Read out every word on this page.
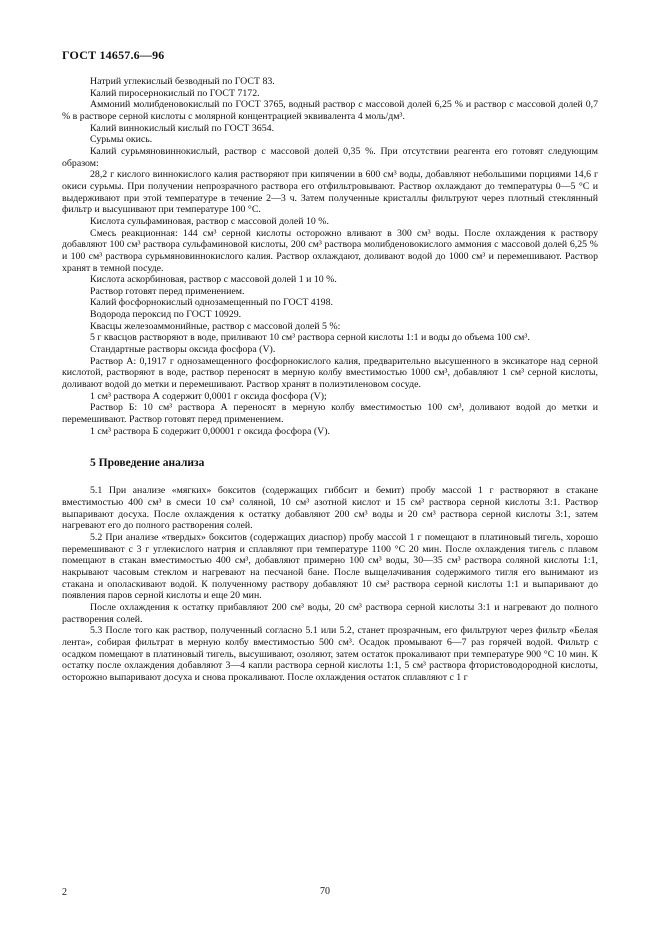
ГОСТ 14657.6—96

Натрий углекислый безводный по ГОСТ 83.

Калий пиросернокислый по ГОСТ 7172.

Аммоний молибденовокислый по ГОСТ 3765, водный раствор с массовой долей 6,25 % и раствор с массовой долей 0,7 % в растворе серной кислоты с молярной концентрацией эквивалента 4 моль/дм³.

Калий виннокислый кислый по ГОСТ 3654.

Сурьмы окись.

Калий сурьмяновиннокислый, раствор с массовой долей 0,35 %. При отсутствии реагента его готовят следующим образом:

28,2 г кислого виннокислого калия растворяют при кипячении в 600 см³ воды, добавляют небольшими порциями 14,6 г окиси сурьмы. При получении непрозрачного раствора его отфильтровывают. Раствор охлаждают до температуры 0—5 °С и выдерживают при этой температуре в течение 2—3 ч. Затем полученные кристаллы фильтруют через плотный стеклянный фильтр и высушивают при температуре 100 °С.

Кислота сульфаминовая, раствор с массовой долей 10 %.

Смесь реакционная: 144 см³ серной кислоты осторожно вливают в 300 см³ воды. После охлаждения к раствору добавляют 100 см³ раствора сульфаминовой кислоты, 200 см³ раствора молибденовокислого аммония с массовой долей 6,25 % и 100 см³ раствора сурьмяновиннокислого калия. Раствор охлаждают, доливают водой до 1000 см³ и перемешивают. Раствор хранят в темной посуде.

Кислота аскорбиновая, раствор с массовой долей 1 и 10 %.

Раствор готовят перед применением.

Калий фосфорнокислый однозамещенный по ГОСТ 4198.

Водорода пероксид по ГОСТ 10929.

Квасцы железоаммонийные, раствор с массовой долей 5 %:

5 г квасцов растворяют в воде, приливают 10 см³ раствора серной кислоты 1:1 и воды до объема 100 см³.

Стандартные растворы оксида фосфора (V).

Раствор А: 0,1917 г однозамещенного фосфорнокислого калия, предварительно высушенного в эксикаторе над серной кислотой, растворяют в воде, раствор переносят в мерную колбу вместимостью 1000 см³, добавляют 1 см³ серной кислоты, доливают водой до метки и перемешивают. Раствор хранят в полиэтиленовом сосуде.

1 см³ раствора А содержит 0,0001 г оксида фосфора (V);

Раствор Б: 10 см³ раствора А переносят в мерную колбу вместимостью 100 см³, доливают водой до метки и перемешивают. Раствор готовят перед применением.

1 см³ раствора Б содержит 0,00001 г оксида фосфора (V).

5 Проведение анализа

5.1 При анализе «мягких» бокситов (содержащих гиббсит и бемит) пробу массой 1 г растворяют в стакане вместимостью 400 см³ в смеси 10 см³ соляной, 10 см³ азотной кислот и 15 см³ раствора серной кислоты 3:1. Раствор выпаривают досуха. После охлаждения к остатку добавляют 200 см³ воды и 20 см³ раствора серной кислоты 3:1, затем нагревают его до полного растворения солей.

5.2 При анализе «твердых» бокситов (содержащих диаспор) пробу массой 1 г помещают в платиновый тигель, хорошо перемешивают с 3 г углекислого натрия и сплавляют при температуре 1100 °С 20 мин. После охлаждения тигель с плавом помещают в стакан вместимостью 400 см³, добавляют примерно 100 см³ воды, 30—35 см³ раствора соляной кислоты 1:1, накрывают часовым стеклом и нагревают на песчаной бане. После выщелачивания содержимого тигля его вынимают из стакана и ополаскивают водой. К полученному раствору добавляют 10 см³ раствора серной кислоты 1:1 и выпаривают до появления паров серной кислоты и еще 20 мин.

После охлаждения к остатку прибавляют 200 см³ воды, 20 см³ раствора серной кислоты 3:1 и нагревают до полного растворения солей.

5.3 После того как раствор, полученный согласно 5.1 или 5.2, станет прозрачным, его фильтруют через фильтр «Белая лента», собирая фильтрат в мерную колбу вместимостью 500 см³. Осадок промывают 6—7 раз горячей водой. Фильтр с осадком помещают в платиновый тигель, высушивают, озоляют, затем остаток прокаливают при температуре 900 °С 10 мин. К остатку после охлаждения добавляют 3—4 капли раствора серной кислоты 1:1, 5 см³ раствора фтористоводородной кислоты, осторожно выпаривают досуха и снова прокаливают. После охлаждения остаток сплавляют с 1 г

2	70
